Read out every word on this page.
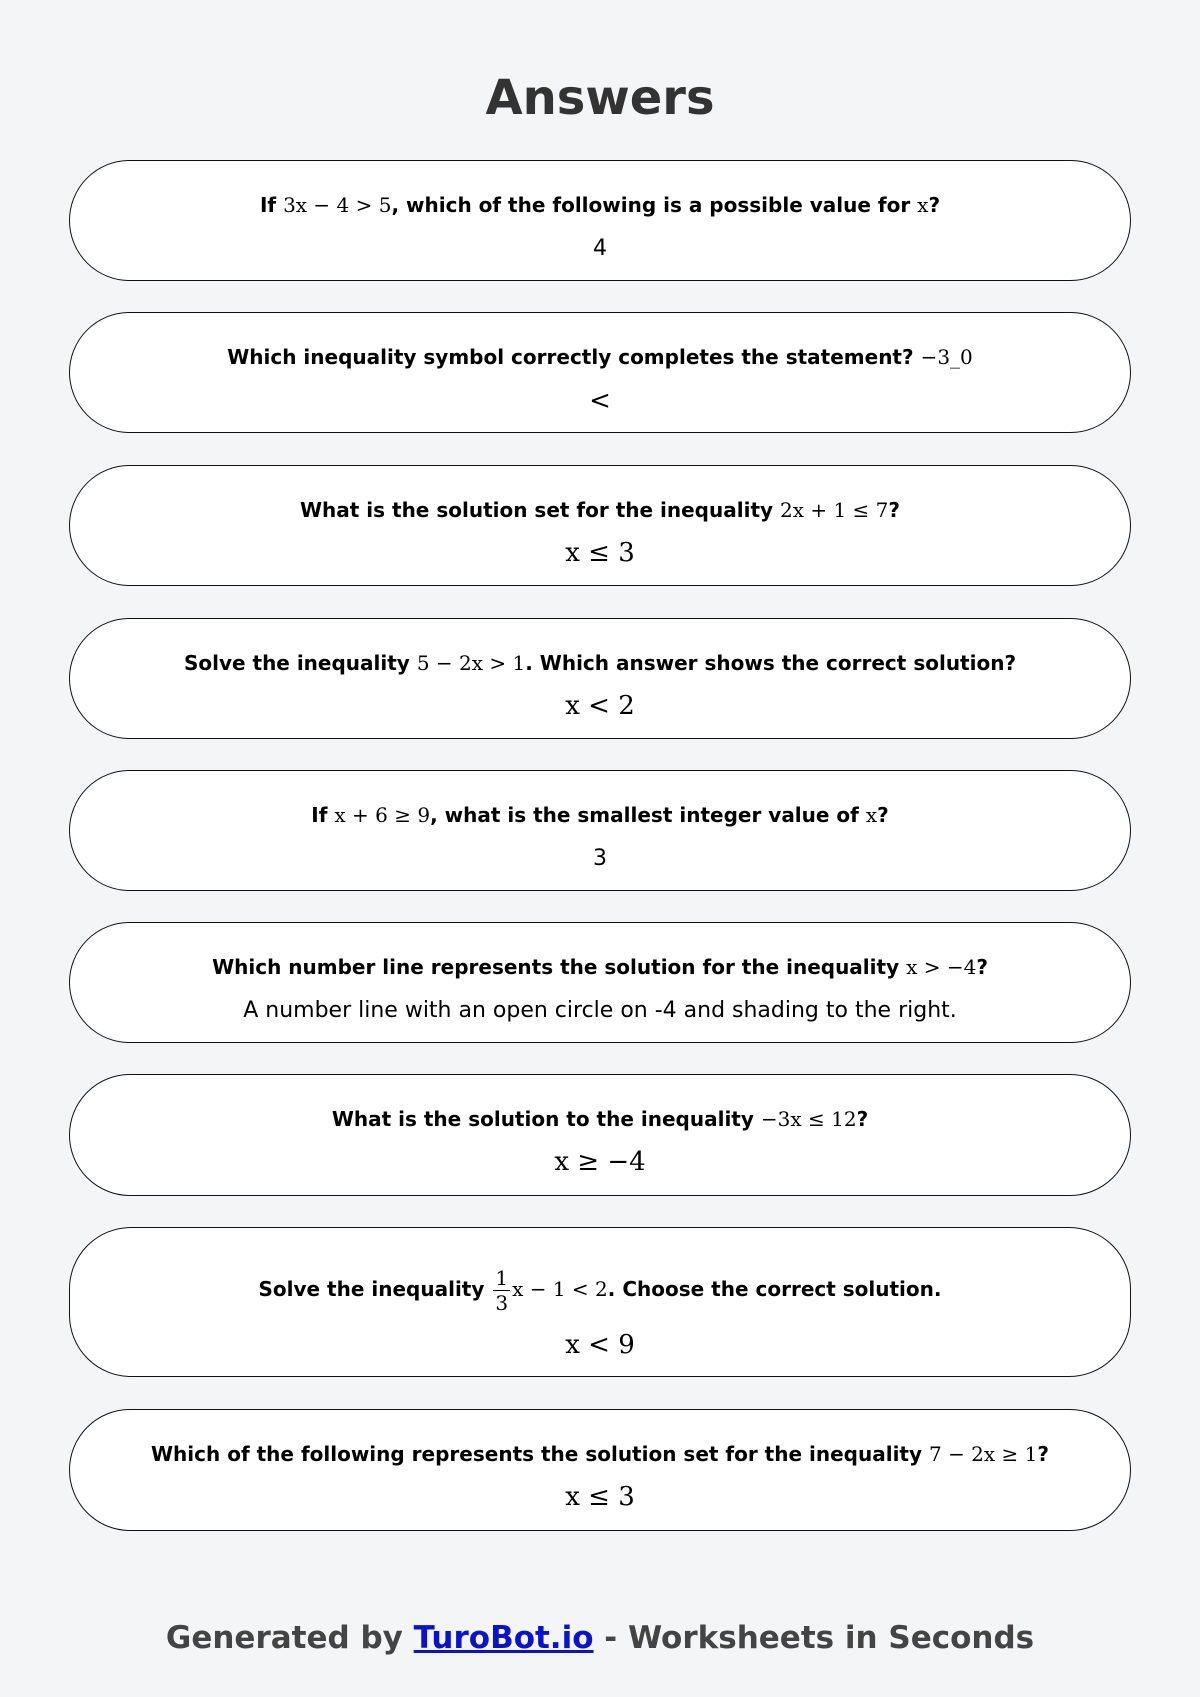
Answers
If 3x − 4 > 5, which of the following is a possible value for x?
4
Which inequality symbol correctly completes the statement? −3_0
<
What is the solution set for the inequality 2x + 1 ≤ 7?
x ≤ 3
Solve the inequality 5 − 2x > 1. Which answer shows the correct solution?
x < 2
If x + 6 ≥ 9, what is the smallest integer value of x?
3
Which number line represents the solution for the inequality x > −4?
A number line with an open circle on -4 and shading to the right.
What is the solution to the inequality −3x ≤ 12?
x ≥ −4
Solve the inequality $\frac{1}{3}$ x − 1 < 2. Choose the correct solution.
x < 9
Which of the following represents the solution set for the inequality 7 − 2x ≥ 1?
x ≤ 3
Generated by TuroBot.io - Worksheets in Seconds
